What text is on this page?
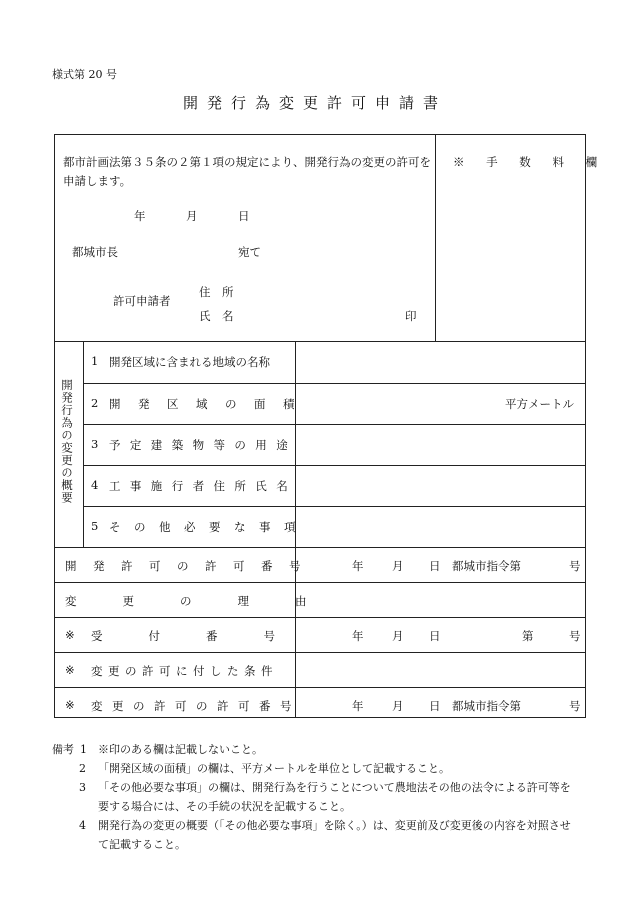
様式第 20 号
開発行為変更許可申請書
都市計画法第３５条の２第１項の規定により、開発行為の変更の許可を申請します。
年	月	日
都城市長	宛て
許可申請者
住　所
氏　名	印
※ 手 数 料 欄
開発行為の変更の概要
1 開発区域に含まれる地域の名称
2 開発区域の面積	平方メートル
3 予定建築物等の用途
4 工事施行者住所氏名
5 その他必要な事項
開発許可の許可番号	年 月 日 都城市指令第	号
変更の理由
※ 受付番号	年 月 日	第	号
※ 変更の許可に付した条件
※ 変更の許可の許可番号	年 月 日 都城市指令第	号
備考 1	※印のある欄は記載しないこと。
2	「開発区域の面積」の欄は、平方メートルを単位として記載すること。
3	「その他必要な事項」の欄は、開発行為を行うことについて農地法その他の法令による許可等を要する場合には、その手続の状況を記載すること。
4	開発行為の変更の概要（「その他必要な事項」を除く。）は、変更前及び変更後の内容を対照させて記載すること。
